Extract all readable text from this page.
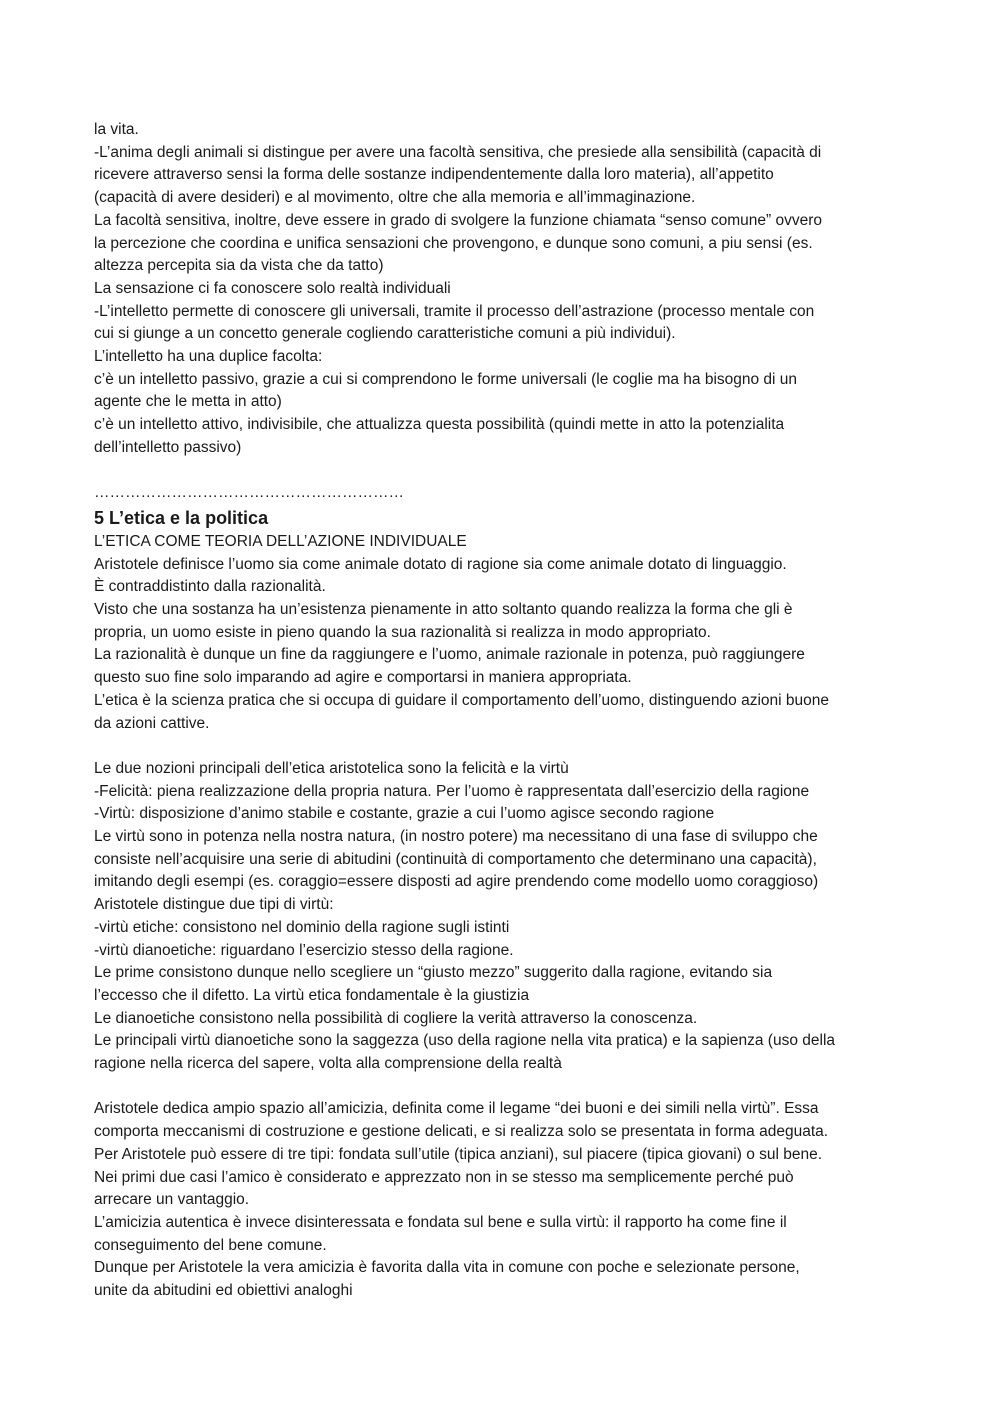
la vita.
-L’anima degli animali si distingue per avere una facoltà sensitiva, che presiede alla sensibilità (capacità di
ricevere attraverso sensi la forma delle sostanze indipendentemente dalla loro materia), all’appetito
(capacità di avere desideri) e al movimento, oltre che alla memoria e all’immaginazione.
La facoltà sensitiva, inoltre, deve essere in grado di svolgere la funzione chiamata “senso comune” ovvero
la percezione che coordina e unifica sensazioni che provengono, e dunque sono comuni, a piu sensi (es.
altezza percepita sia da vista che da tatto)
La sensazione ci fa conoscere solo realtà individuali
-L’intelletto permette di conoscere gli universali, tramite il processo dell’astrazione (processo mentale con
cui si giunge a un concetto generale cogliendo caratteristiche comuni a più individui).
L’intelletto ha una duplice facolta:
c’è un intelletto passivo, grazie a cui si comprendono le forme universali (le coglie ma ha bisogno di un
agente che le metta in atto)
c’è un intelletto attivo, indivisibile, che attualizza questa possibilità (quindi mette in atto la potenzialita
dell’intelletto passivo)
……………………………………………………
5 L’etica e la politica
L’ETICA COME TEORIA DELL’AZIONE INDIVIDUALE
Aristotele definisce l’uomo sia come animale dotato di ragione sia come animale dotato di linguaggio.
È contraddistinto dalla razionalità.
Visto che una sostanza ha un’esistenza pienamente in atto soltanto quando realizza la forma che gli è
propria, un uomo esiste in pieno quando la sua razionalità si realizza in modo appropriato.
La razionalità è dunque un fine da raggiungere e l’uomo, animale razionale in potenza, può raggiungere
questo suo fine solo imparando ad agire e comportarsi in maniera appropriata.
L’etica è la scienza pratica che si occupa di guidare il comportamento dell’uomo, distinguendo azioni buone
da azioni cattive.
Le due nozioni principali dell’etica aristotelica sono la felicità e la virtù
-Felicità: piena realizzazione della propria natura. Per l’uomo è rappresentata dall’esercizio della ragione
-Virtù: disposizione d’animo stabile e costante, grazie a cui l’uomo agisce secondo ragione
Le virtù sono in potenza nella nostra natura, (in nostro potere) ma necessitano di una fase di sviluppo che
consiste nell’acquisire una serie di abitudini (continuità di comportamento che determinano una capacità),
imitando degli esempi (es. coraggio=essere disposti ad agire prendendo come modello uomo coraggioso)
Aristotele distingue due tipi di virtù:
-virtù etiche: consistono nel dominio della ragione sugli istinti
-virtù dianoetiche: riguardano l’esercizio stesso della ragione.
Le prime consistono dunque nello scegliere un “giusto mezzo” suggerito dalla ragione, evitando sia
l’eccesso che il difetto. La virtù etica fondamentale è la giustizia
Le dianoetiche consistono nella possibilità di cogliere la verità attraverso la conoscenza.
Le principali virtù dianoetiche sono la saggezza (uso della ragione nella vita pratica) e la sapienza (uso della
ragione nella ricerca del sapere, volta alla comprensione della realtà
Aristotele dedica ampio spazio all’amicizia, definita come il legame “dei buoni e dei simili nella virtù”. Essa
comporta meccanismi di costruzione e gestione delicati, e si realizza solo se presentata in forma adeguata.
Per Aristotele può essere di tre tipi: fondata sull’utile (tipica anziani), sul piacere (tipica giovani) o sul bene.
Nei primi due casi l’amico è considerato e apprezzato non in se stesso ma semplicemente perché può
arrecare un vantaggio.
L’amicizia autentica è invece disinteressata e fondata sul bene e sulla virtù: il rapporto ha come fine il
conseguimento del bene comune.
Dunque per Aristotele la vera amicizia è favorita dalla vita in comune con poche e selezionate persone,
unite da abitudini ed obiettivi analoghi
